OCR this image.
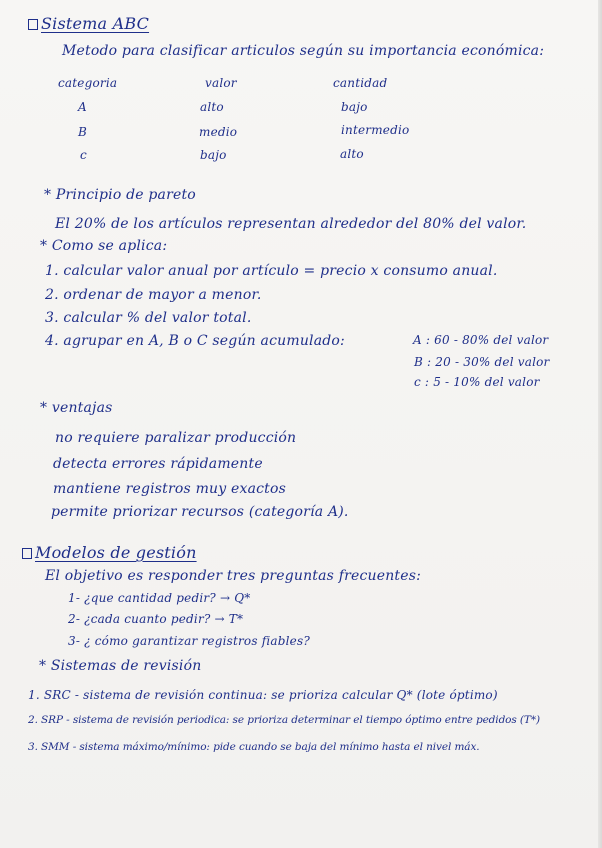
Sistema ABC
Metodo para clasificar articulos según su importancia económica:
categoria	valor	cantidad
A	alto	bajo
B	medio	intermedio
c	bajo	alto
* Principio de pareto
El 20% de los artículos representan alrededor del 80% del valor.
* Como se aplica:
1. calcular valor anual por artículo = precio x consumo anual.
2. ordenar de mayor a menor.
3. calcular % del valor total.
4. agrupar en A, B o C según acumulado:	A : 60 - 80% del valor
B : 20 - 30% del valor
c : 5 - 10% del valor
* ventajas
no requiere paralizar producción
detecta errores rápidamente
mantiene registros muy exactos
permite priorizar recursos (categoría A).
Modelos de gestión
El objetivo es responder tres preguntas frecuentes:
1- ¿que cantidad pedir? → Q*
2- ¿cada cuanto pedir? → T*
3- ¿ cómo garantizar registros fiables?
* Sistemas de revisión
1. SRC - sistema de revisión continua: se prioriza calcular Q* (lote óptimo)
2. SRP - sistema de revisión periodica: se prioriza determinar el tiempo óptimo entre pedidos (T*)
3. SMM - sistema máximo/mínimo: pide cuando se baja del mínimo hasta el nivel máx.
